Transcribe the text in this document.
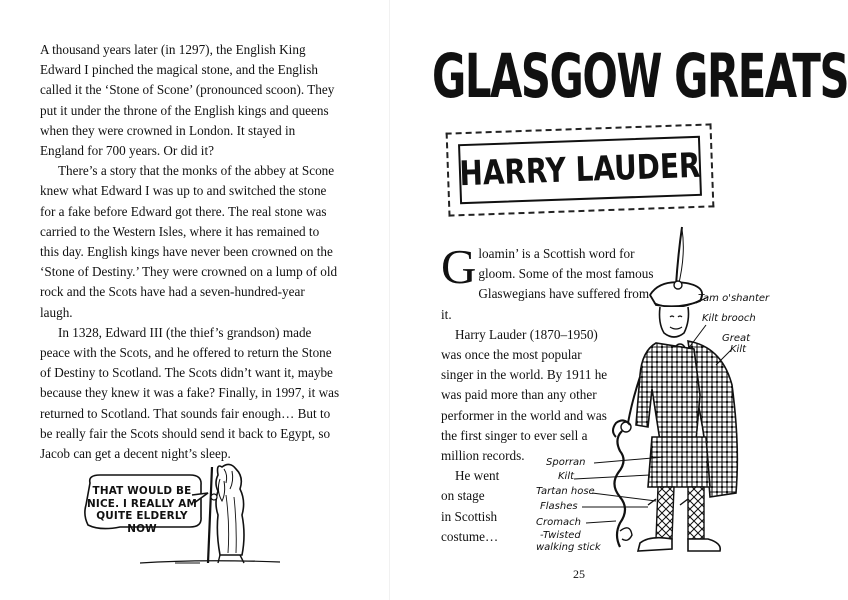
A thousand years later (in 1297), the English King Edward I pinched the magical stone, and the English called it the ‘Stone of Scone’ (pronounced scoon). They put it under the throne of the English kings and queens when they were crowned in London. It stayed in England for 700 years. Or did it?

There’s a story that the monks of the abbey at Scone knew what Edward I was up to and switched the stone for a fake before Edward got there. The real stone was carried to the Western Isles, where it has remained to this day. English kings have never been crowned on the ‘Stone of Destiny.’ They were crowned on a lump of old rock and the Scots have had a seven-hundred-year laugh.

In 1328, Edward III (the thief’s grandson) made peace with the Scots, and he offered to return the Stone of Destiny to Scotland. The Scots didn’t want it, maybe because they knew it was a fake? Finally, in 1997, it was returned to Scotland. That sounds fair enough… But to be really fair the Scots should send it back to Egypt, so Jacob can get a decent night’s sleep.

THAT WOULD BE
NICE. I REALLY AM
QUITE ELDERLY NOW
GLASGOW GREATS
HARRY LAUDER

Gloamin’ is a Scottish word for gloom. Some of the most famous Glaswegians have suffered from it.

Harry Lauder (1870–1950)
was once the most popular
singer in the world. By 1911 he
was paid more than any other
performer in the world and was
the first singer to ever sell a
million records.

He went
on stage
in Scottish
costume…

Tam o'shanter
Kilt brooch
Great
Kilt
Sporran
Kilt
Tartan hose
Flashes
Cromach
-Twisted
walking stick
25
